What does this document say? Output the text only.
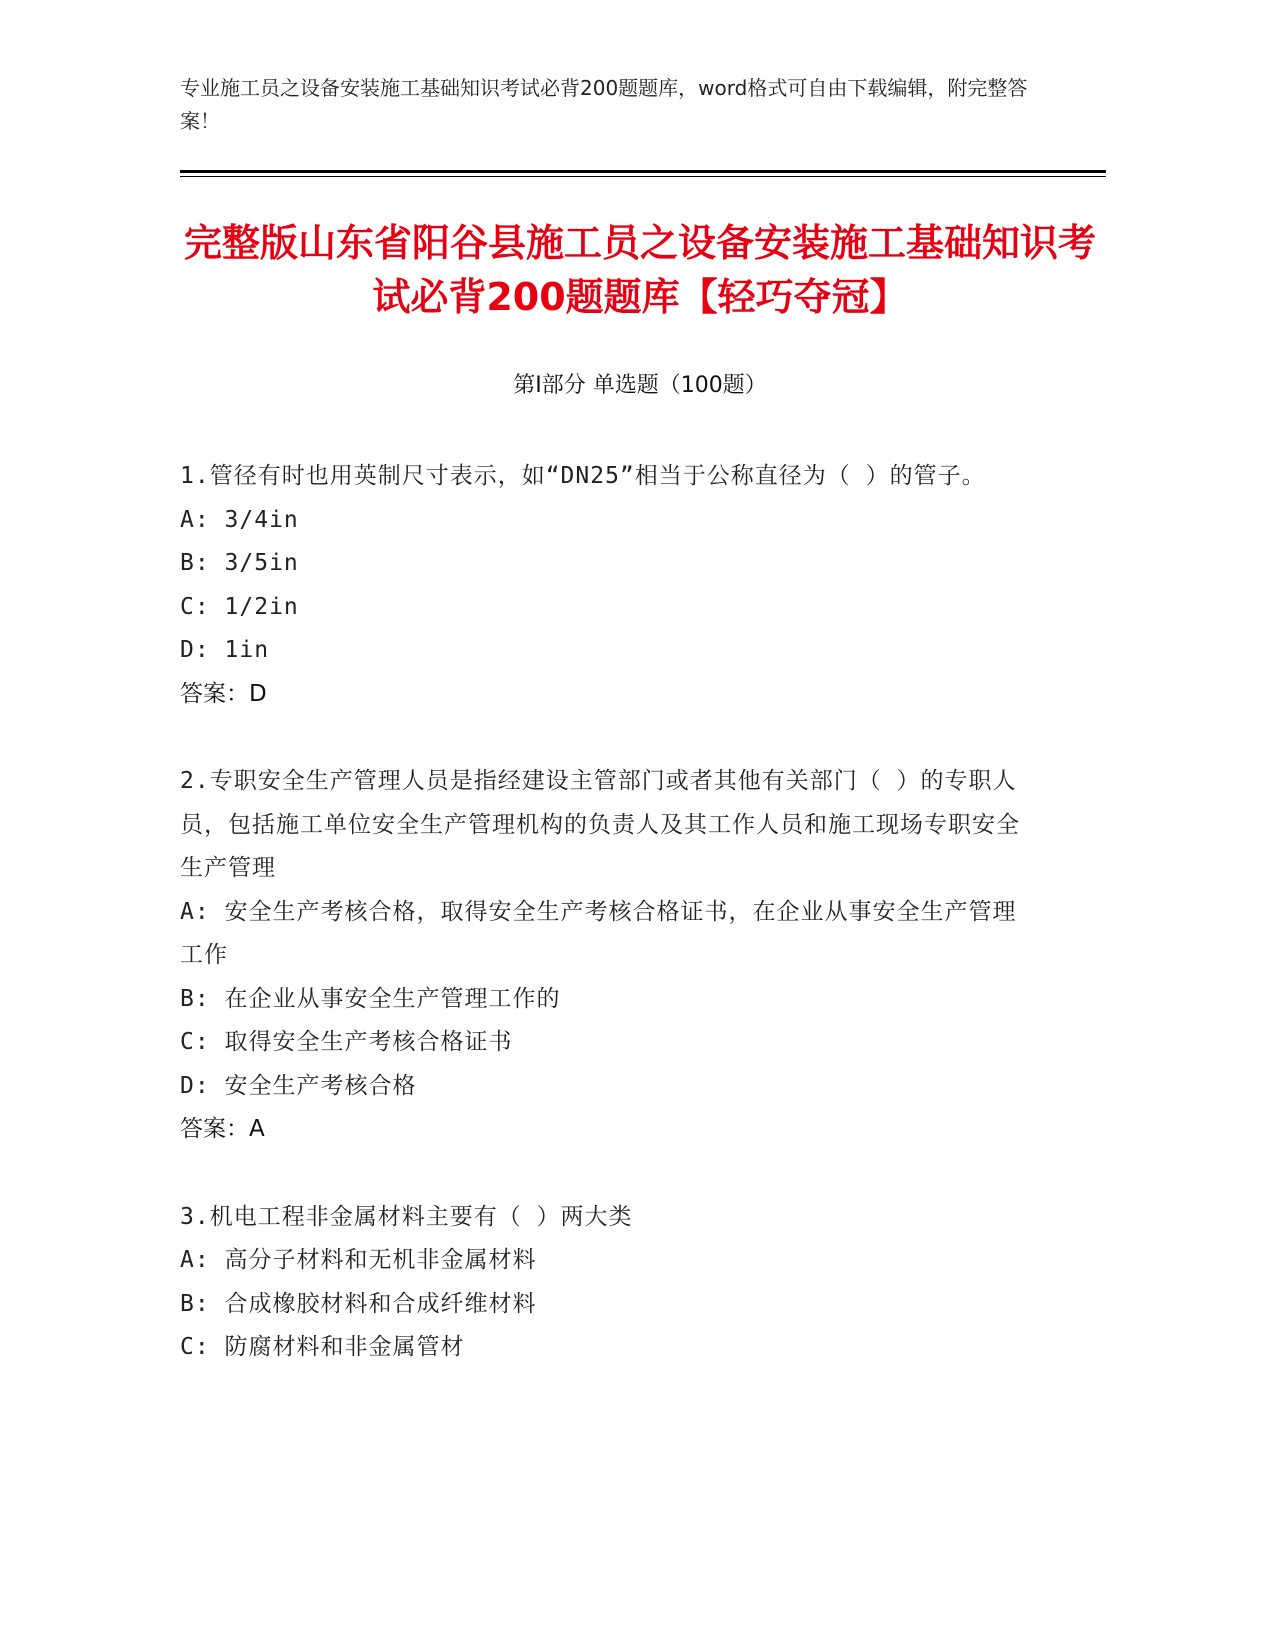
专业施工员之设备安装施工基础知识考试必背200题题库，word格式可自由下载编辑，附完整答案！
完整版山东省阳谷县施工员之设备安装施工基础知识考试必背200题题库【轻巧夺冠】
第I部分 单选题（100题）
1.管径有时也用英制尺寸表示，如“DN25”相当于公称直径为（ ）的管子。
A: 3/4in
B: 3/5in
C: 1/2in
D: 1in
答案：D
2.专职安全生产管理人员是指经建设主管部门或者其他有关部门（ ）的专职人员，包括施工单位安全生产管理机构的负责人及其工作人员和施工现场专职安全生产管理
A: 安全生产考核合格，取得安全生产考核合格证书，在企业从事安全生产管理工作
B: 在企业从事安全生产管理工作的
C: 取得安全生产考核合格证书
D: 安全生产考核合格
答案：A
3.机电工程非金属材料主要有（ ）两大类
A: 高分子材料和无机非金属材料
B: 合成橡胶材料和合成纤维材料
C: 防腐材料和非金属管材
